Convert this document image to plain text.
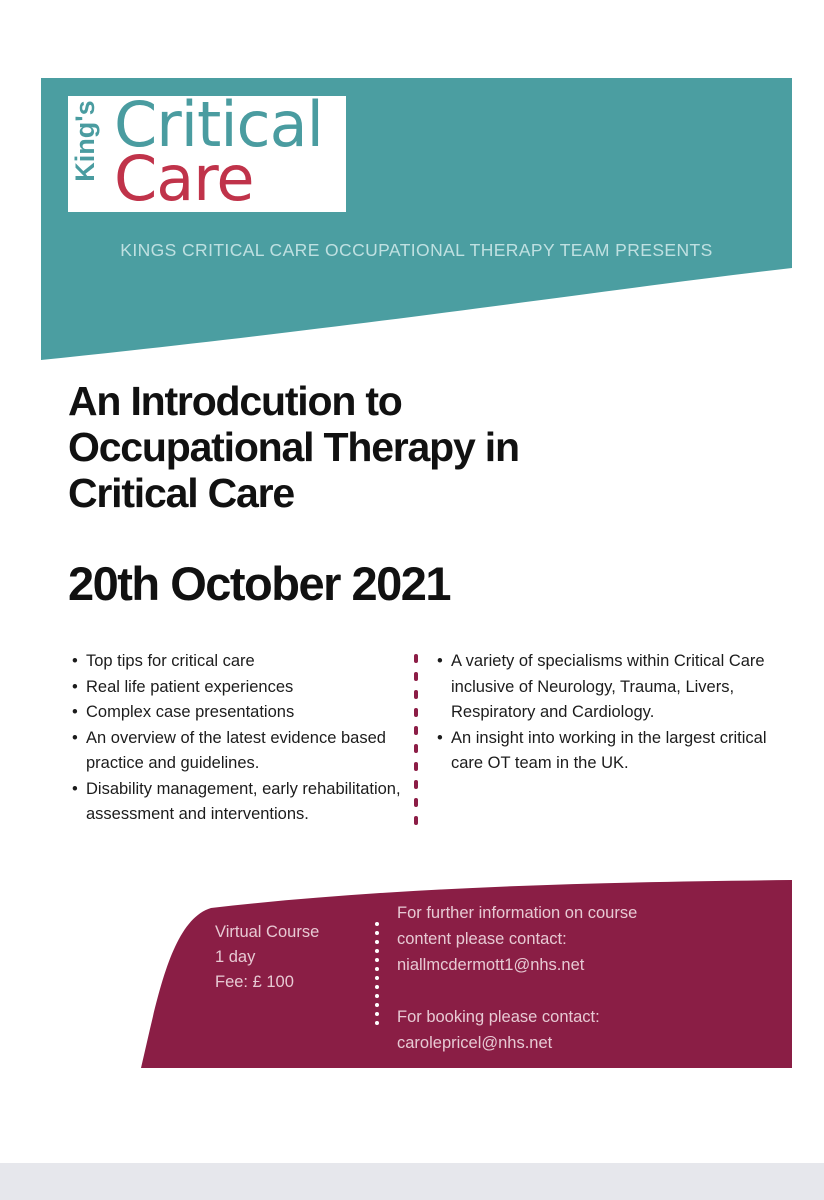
King's Critical
Care
KINGS CRITICAL CARE OCCUPATIONAL THERAPY TEAM PRESENTS
An Introdcution to
Occupational Therapy in
Critical Care
20th October 2021
• Top tips for critical care
• Real life patient experiences
• Complex case presentations
• An overview of the latest evidence based practice and guidelines.
• Disability management, early rehabilitation, assessment and interventions.
• A variety of specialisms within Critical Care inclusive of Neurology, Trauma, Livers, Respiratory and Cardiology.
• An insight into working in the largest critical care OT team in the UK.
Virtual Course
1 day
Fee: £ 100
For further information on course
content please contact:
niallmcdermott1@nhs.net
For booking please contact:
carolepricel@nhs.net
